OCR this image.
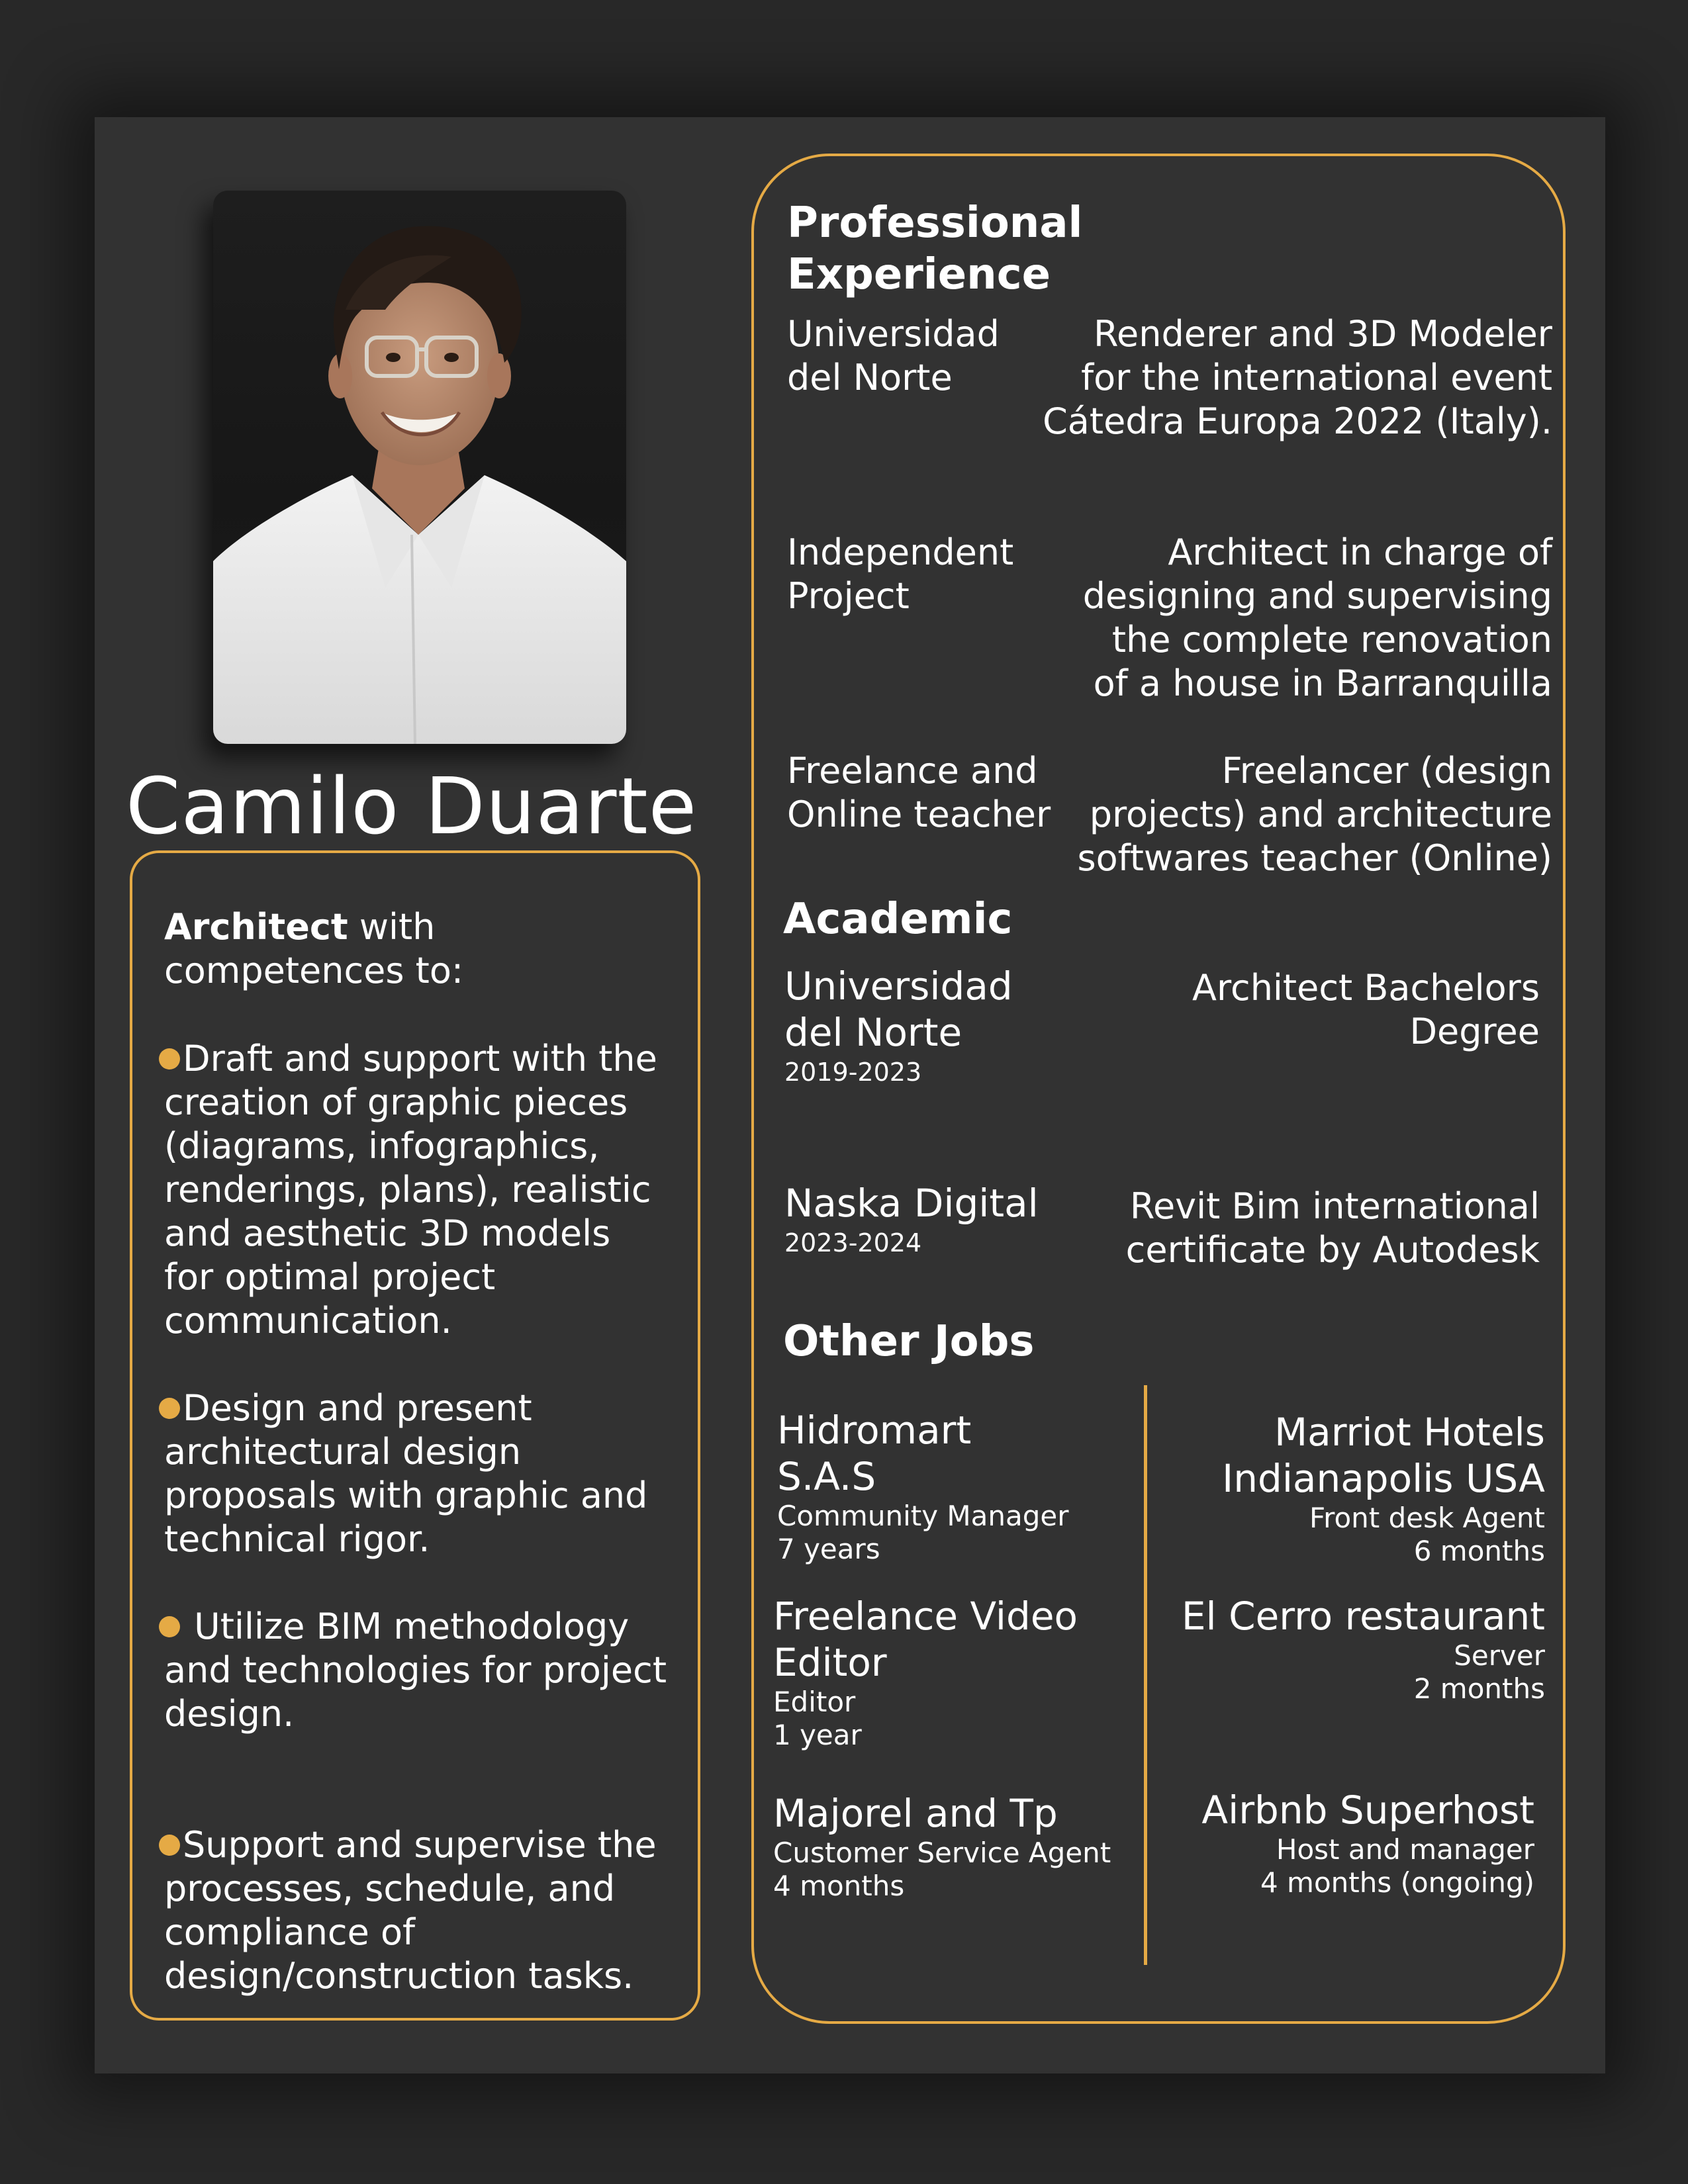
Camilo Duarte
Architect with
competences to:
Draft and support with the
creation of graphic pieces
(diagrams, infographics,
renderings, plans), realistic
and aesthetic 3D models
for optimal project
communication.
Design and present
architectural design
proposals with graphic and
technical rigor.
Utilize BIM methodology
and technologies for project
design.
Support and supervise the
processes, schedule, and
compliance of
design/construction tasks.
Professional
Experience
Universidad
del Norte
Renderer and 3D Modeler
for the international event
Cátedra Europa 2022 (Italy).
Independent
Project
Architect in charge of
designing and supervising
the complete renovation
of a house in Barranquilla
Freelance and
Online teacher
Freelancer (design
projects) and architecture
softwares teacher (Online)
Academic
Universidad
del Norte
2019-2023
Architect Bachelors
Degree
Naska Digital
2023-2024
Revit Bim international
certificate by Autodesk
Other Jobs
Hidromart
S.A.S
Community Manager
7 years
Freelance Video
Editor
Editor
1 year
Majorel and Tp
Customer Service Agent
4 months
Marriot Hotels
Indianapolis USA
Front desk Agent
6 months
El Cerro restaurant
Server
2 months
Airbnb Superhost
Host and manager
4 months (ongoing)
